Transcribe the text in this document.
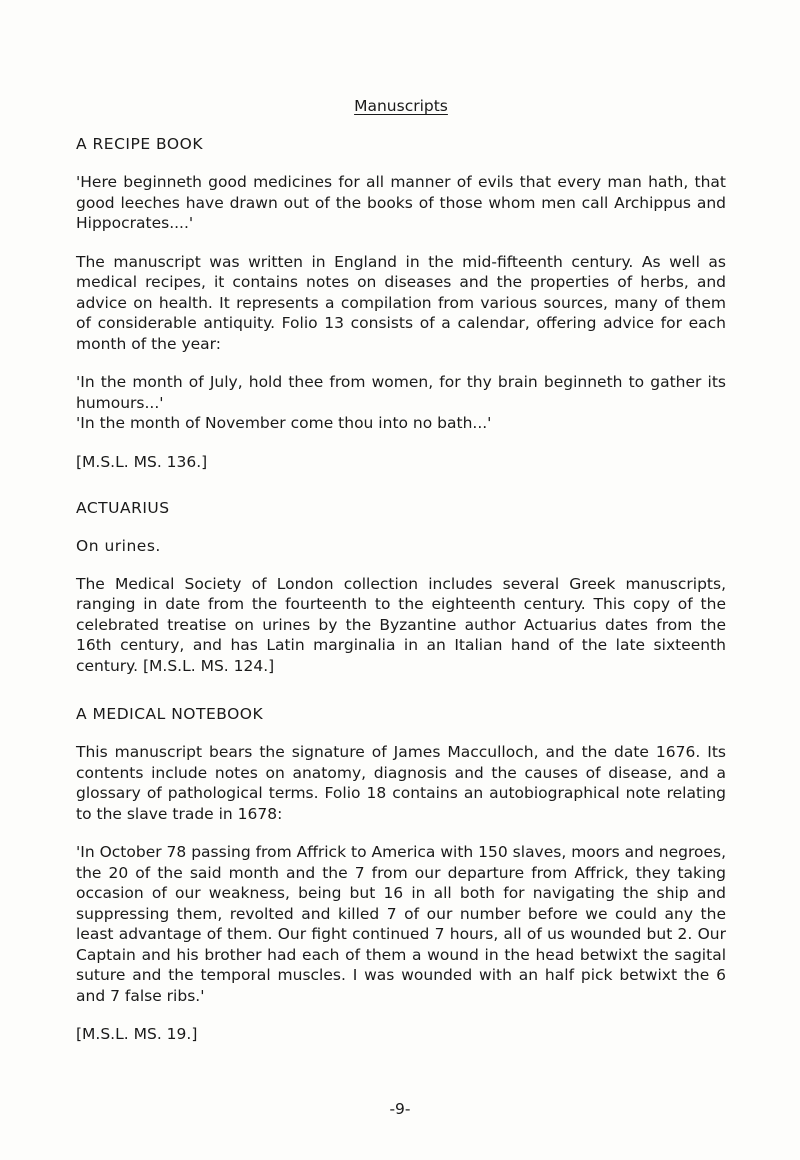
Manuscripts
A RECIPE BOOK

'Here beginneth good medicines for all manner of evils that every man hath, that good leeches have drawn out of the books of those whom men call Archippus and Hippocrates....'

The manuscript was written in England in the mid-fifteenth century. As well as medical recipes, it contains notes on diseases and the properties of herbs, and advice on health. It represents a compilation from various sources, many of them of considerable antiquity. Folio 13 consists of a calendar, offering advice for each month of the year:

'In the month of July, hold thee from women, for thy brain beginneth to gather its humours...'

'In the month of November come thou into no bath...'

[M.S.L. MS. 136.]
ACTUARIUS
On urines.

The Medical Society of London collection includes several Greek manuscripts, ranging in date from the fourteenth to the eighteenth century. This copy of the celebrated treatise on urines by the Byzantine author Actuarius dates from the 16th century, and has Latin marginalia in an Italian hand of the late sixteenth century. [M.S.L. MS. 124.]

A MEDICAL NOTEBOOK

This manuscript bears the signature of James Macculloch, and the date 1676. Its contents include notes on anatomy, diagnosis and the causes of disease, and a glossary of pathological terms. Folio 18 contains an autobiographical note relating to the slave trade in 1678:

'In October 78 passing from Affrick to America with 150 slaves, moors and negroes, the 20 of the said month and the 7 from our departure from Affrick, they taking occasion of our weakness, being but 16 in all both for navigating the ship and suppressing them, revolted and killed 7 of our number before we could any the least advantage of them. Our fight continued 7 hours, all of us wounded but 2. Our Captain and his brother had each of them a wound in the head betwixt the sagital suture and the temporal muscles. I was wounded with an half pick betwixt the 6 and 7 false ribs.'

[M.S.L. MS. 19.]
-9-
